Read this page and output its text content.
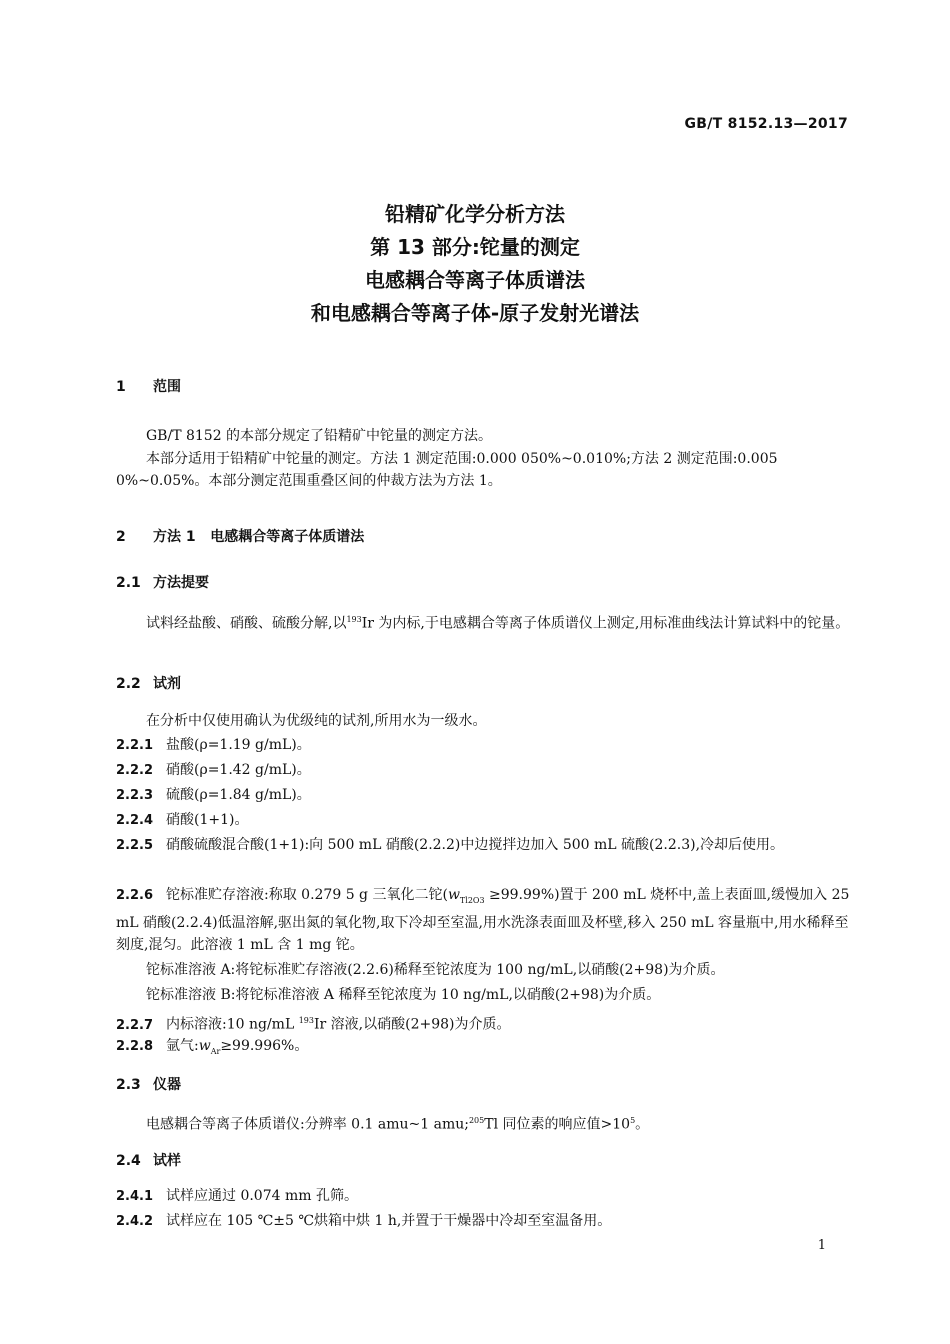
GB/T 8152.13—2017
铅精矿化学分析方法
第 13 部分:铊量的测定
电感耦合等离子体质谱法
和电感耦合等离子体-原子发射光谱法
1 范围
GB/T 8152 的本部分规定了铅精矿中铊量的测定方法。
本部分适用于铅精矿中铊量的测定。方法 1 测定范围:0.000 050%~0.010%;方法 2 测定范围:0.005 0%~0.05%。本部分测定范围重叠区间的仲裁方法为方法 1。
2 方法 1   电感耦合等离子体质谱法
2.1 方法提要
试料经盐酸、硝酸、硫酸分解,以$^{193}$Ir 为内标,于电感耦合等离子体质谱仪上测定,用标准曲线法计算试料中的铊量。
2.2 试剂
在分析中仅使用确认为优级纯的试剂,所用水为一级水。
2.2.1 盐酸(ρ=1.19 g/mL)。
2.2.2 硝酸(ρ=1.42 g/mL)。
2.2.3 硫酸(ρ=1.84 g/mL)。
2.2.4 硝酸(1+1)。
2.2.5 硝酸硫酸混合酸(1+1):向 500 mL 硝酸(2.2.2)中边搅拌边加入 500 mL 硫酸(2.2.3),冷却后使用。
2.2.6 铊标准贮存溶液:称取 0.279 5 g 三氧化二铊$(w_{Tl2O3} \ge 99.99\%)$置于 200 mL 烧杯中,盖上表面皿,缓慢加入 25 mL 硝酸(2.2.4)低温溶解,驱出氮的氧化物,取下冷却至室温,用水洗涤表面皿及杯壁,移入 250 mL 容量瓶中,用水稀释至刻度,混匀。此溶液 1 mL 含 1 mg 铊。
铊标准溶液 A:将铊标准贮存溶液(2.2.6)稀释至铊浓度为 100 ng/mL,以硝酸(2+98)为介质。
铊标准溶液 B:将铊标准溶液 A 稀释至铊浓度为 10 ng/mL,以硝酸(2+98)为介质。
2.2.7 内标溶液:10 ng/mL $^{193}$Ir 溶液,以硝酸(2+98)为介质。
2.2.8 氩气$:w_{Ar}\ge 99.996\%$。
2.3 仪器
电感耦合等离子体质谱仪:分辨率 0.1 amu~1 amu;$^{205}$Tl 同位素的响应值$>10^5$。
2.4 试样
2.4.1 试样应通过 0.074 mm 孔筛。
2.4.2 试样应在 105 ℃±5 ℃烘箱中烘 1 h,并置于干燥器中冷却至室温备用。
1
